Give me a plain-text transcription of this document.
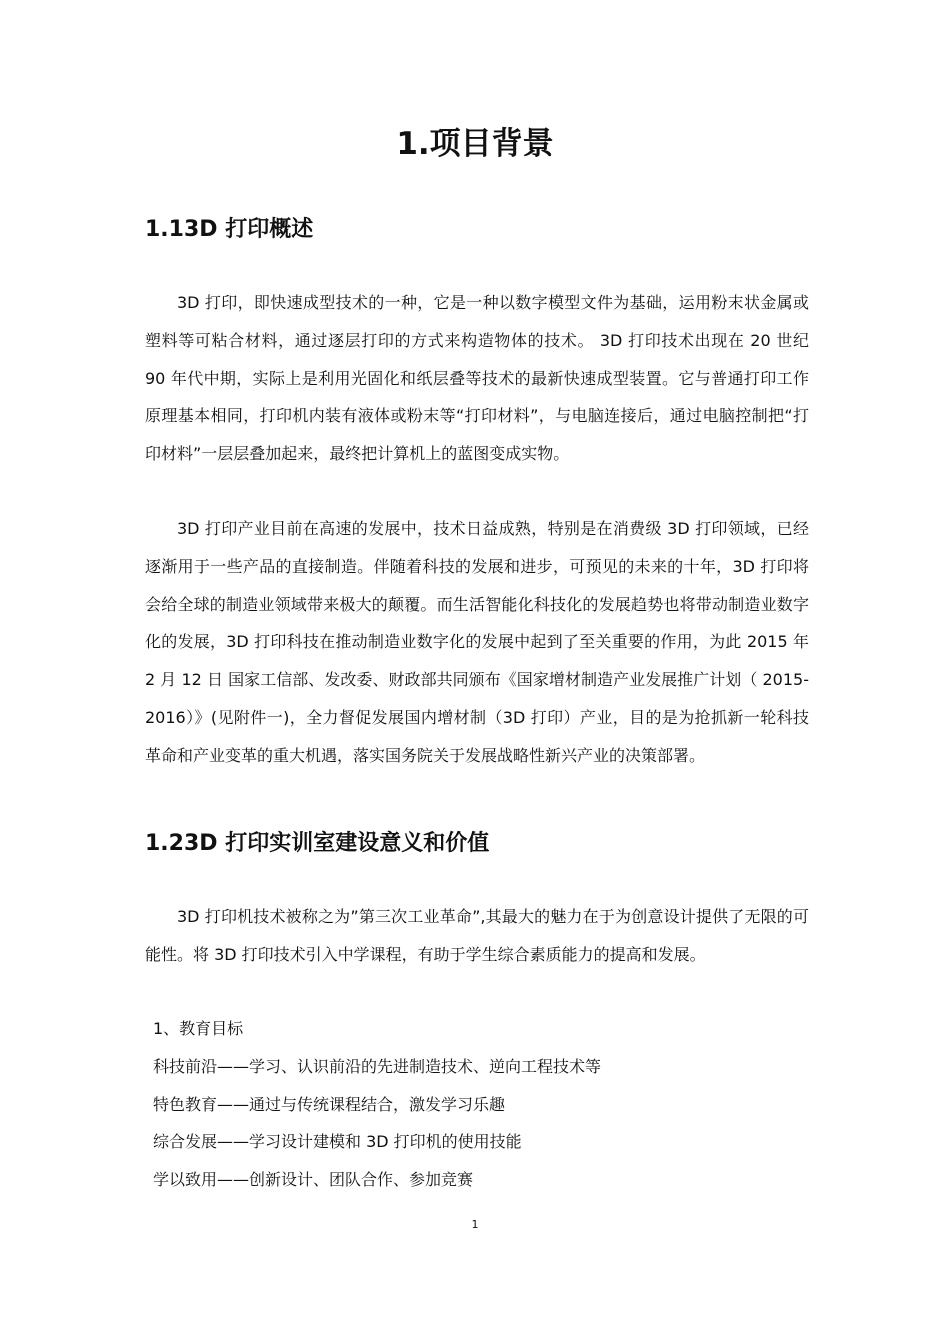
1.项目背景
1.13D 打印概述

3D 打印，即快速成型技术的一种，它是一种以数字模型文件为基础，运用粉末状金属或塑料等可粘合材料，通过逐层打印的方式来构造物体的技术。 3D 打印技术出现在 20 世纪 90 年代中期，实际上是利用光固化和纸层叠等技术的最新快速成型装置。它与普通打印工作原理基本相同，打印机内装有液体或粉末等“打印材料”，与电脑连接后，通过电脑控制把“打印材料”一层层叠加起来，最终把计算机上的蓝图变成实物。

3D 打印产业目前在高速的发展中，技术日益成熟，特别是在消费级 3D 打印领域，已经逐渐用于一些产品的直接制造。伴随着科技的发展和进步，可预见的未来的十年，3D 打印将会给全球的制造业领域带来极大的颠覆。而生活智能化科技化的发展趋势也将带动制造业数字化的发展，3D 打印科技在推动制造业数字化的发展中起到了至关重要的作用，为此 2015 年 2 月 12 日 国家工信部、发改委、财政部共同颁布《国家增材制造产业发展推广计划（ 2015-2016）》(见附件一)，全力督促发展国内增材制（3D 打印）产业，目的是为抢抓新一轮科技革命和产业变革的重大机遇，落实国务院关于发展战略性新兴产业的决策部署。

1.23D 打印实训室建设意义和价值

3D 打印机技术被称之为”第三次工业革命”,其最大的魅力在于为创意设计提供了无限的可能性。将 3D 打印技术引入中学课程，有助于学生综合素质能力的提高和发展。

1、教育目标
科技前沿——学习、认识前沿的先进制造技术、逆向工程技术等
特色教育——通过与传统课程结合，激发学习乐趣
综合发展——学习设计建模和 3D 打印机的使用技能
学以致用——创新设计、团队合作、参加竞赛
1
